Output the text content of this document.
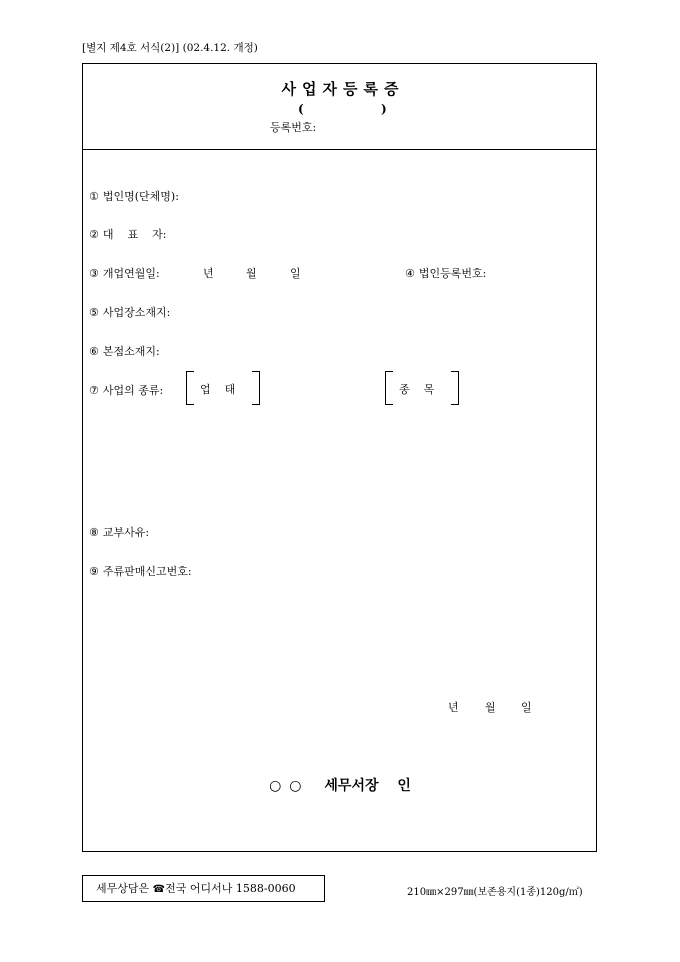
[별지 제4호 서식(2)] (02.4.12. 개정)
사업자등록증
(	)
등록번호:
① 법인명(단체명):
② 대    표    자:
③ 개업연월일:	년	월	일	④ 법인등록번호:
⑤ 사업장소재지:
⑥ 본점소재지:
⑦ 사업의 종류:	업    태	종    목
⑧ 교부사유:
⑨ 주류판매신고번호:
년 월 일
○ ○ 세무서장 인
세무상담은 ☎전국 어디서나 1588-0060	210㎜×297㎜(보존용지(1종)120g/㎡)
